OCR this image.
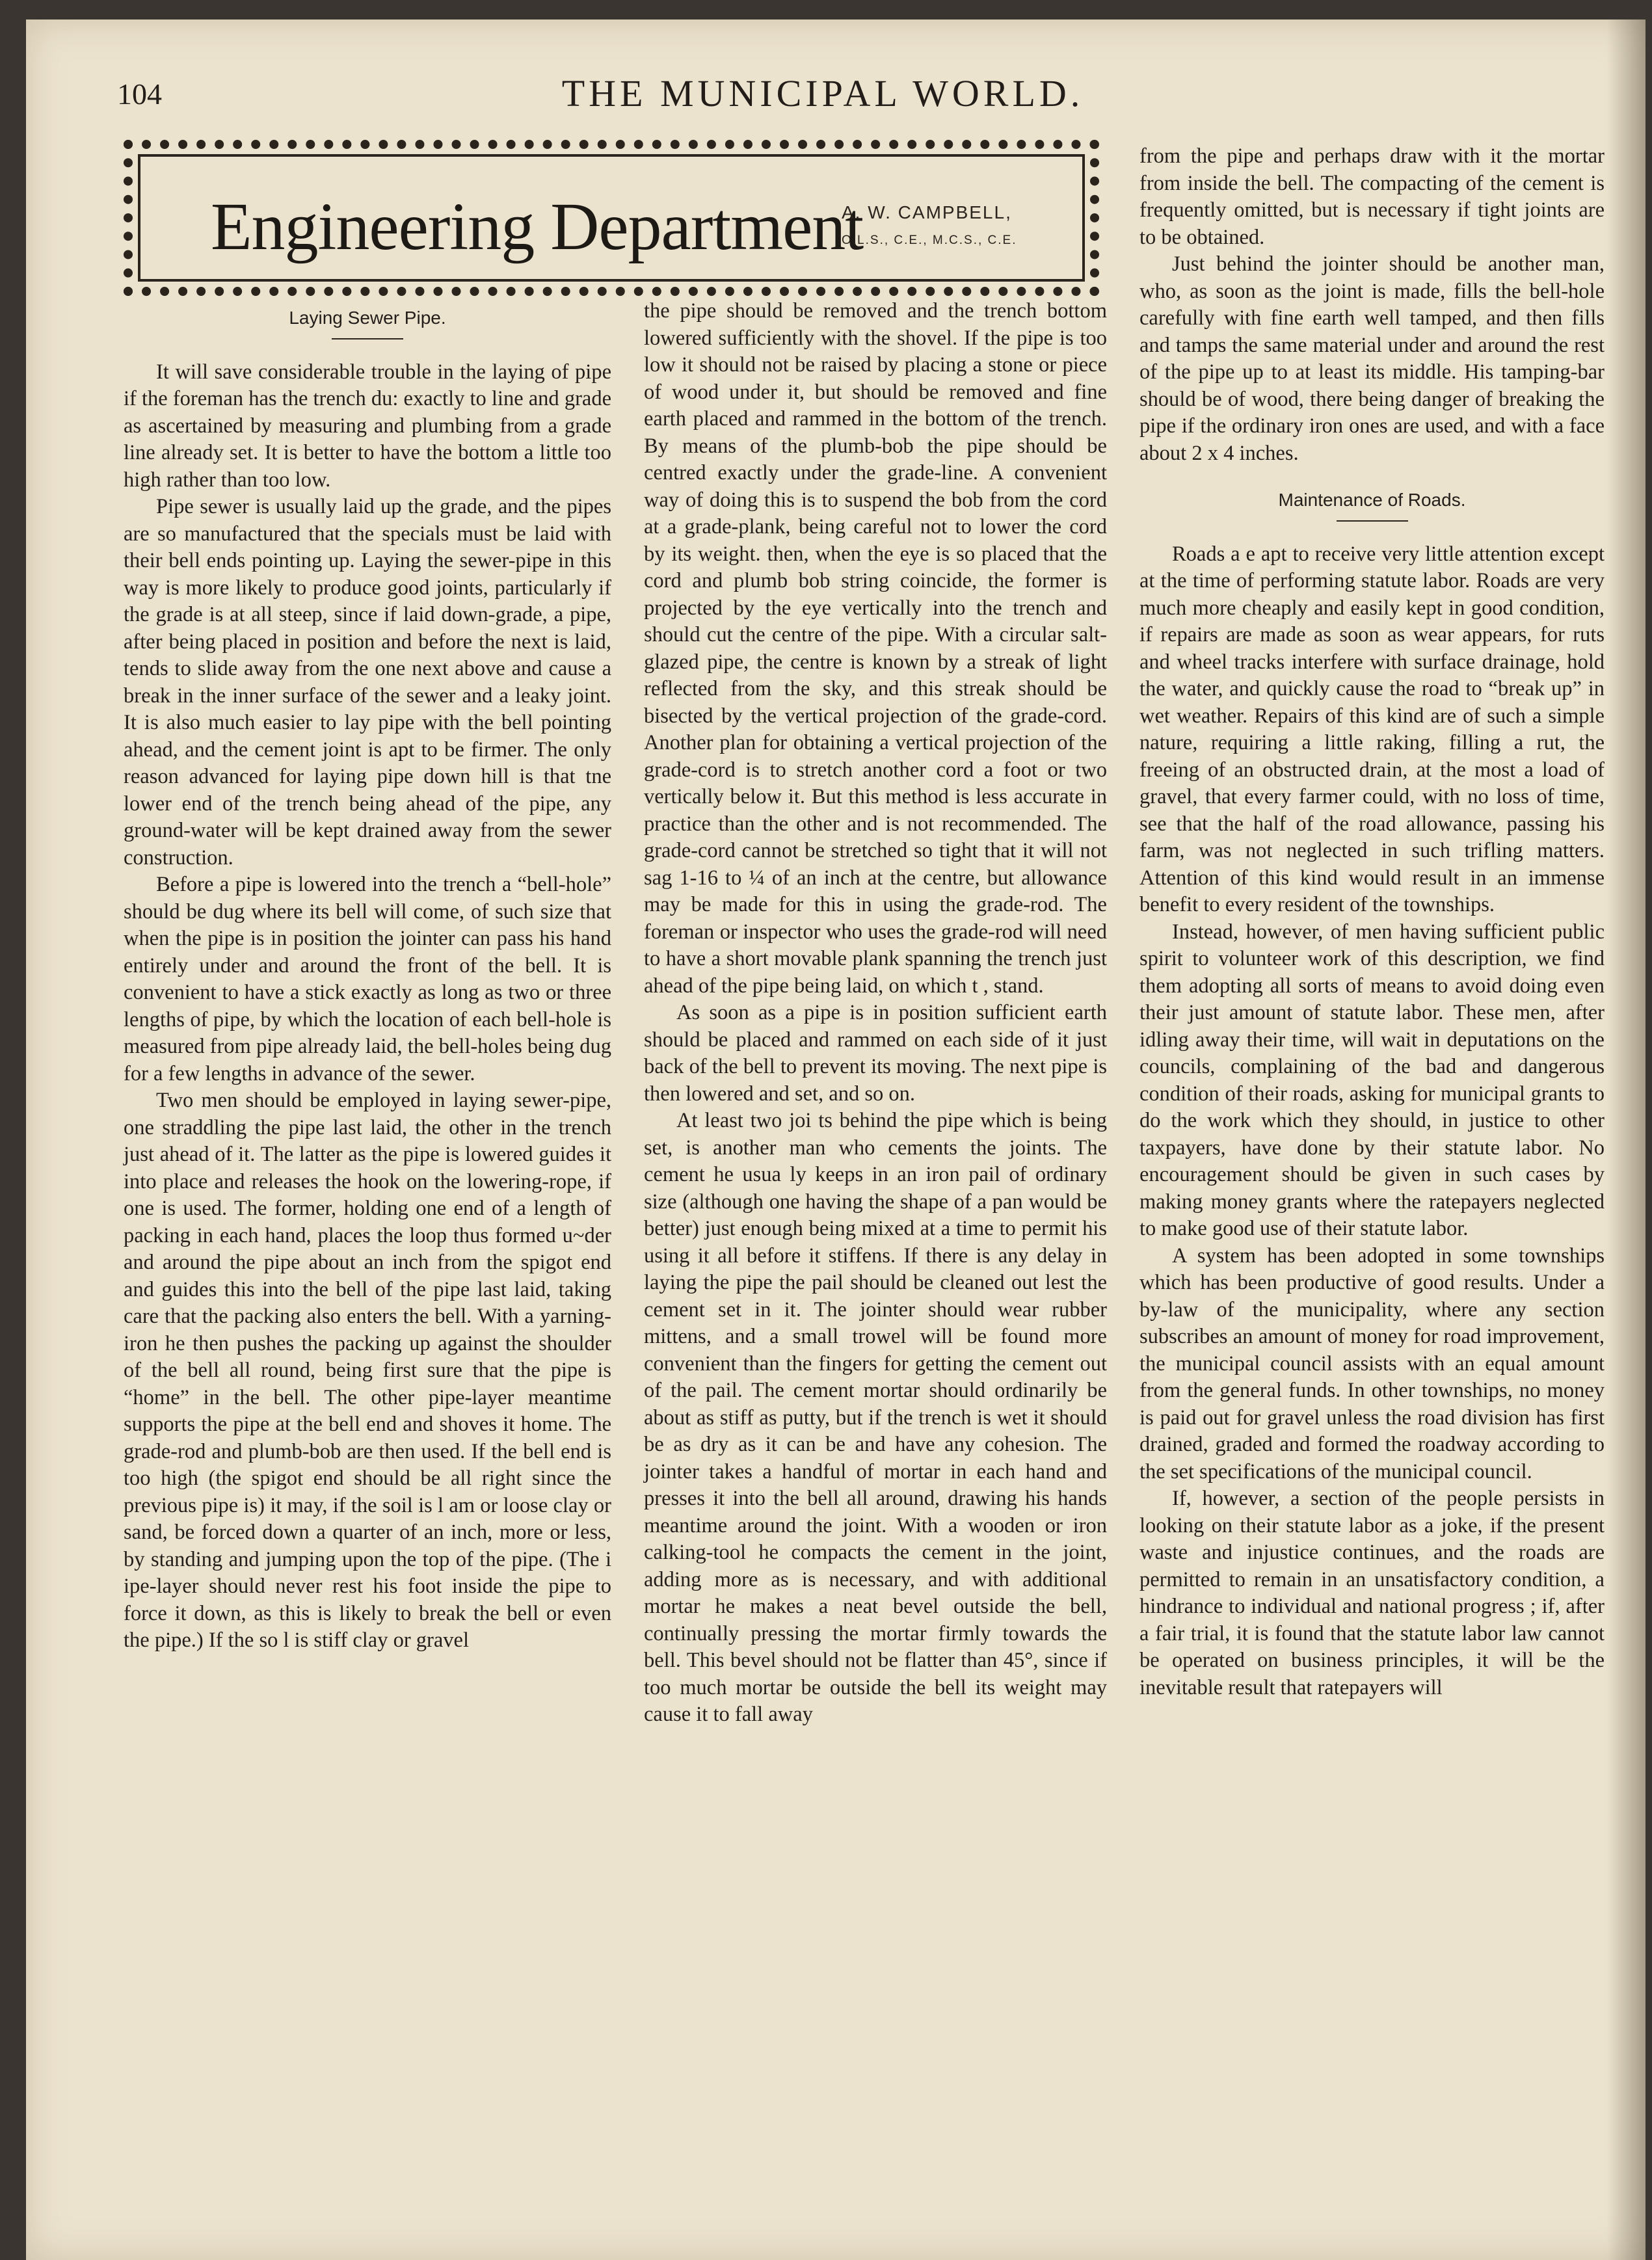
104	THE MUNICIPAL WORLD.
Engineering Department
A. W. CAMPBELL,
O.L.S., C.E., M.C.S., C.E.

Laying Sewer Pipe.

It will save considerable trouble in the laying of pipe if the foreman has the trench du: exactly to line and grade as ascertained by measuring and plumbing from a grade line already set. It is better to have the bottom a little too high rather than too low.

Pipe sewer is usually laid up the grade, and the pipes are so manufactured that the specials must be laid with their bell ends pointing up. Laying the sewer-pipe in this way is more likely to produce good joints, particularly if the grade is at all steep, since if laid down-grade, a pipe, after being placed in position and before the next is laid, tends to slide away from the one next above and cause a break in the inner surface of the sewer and a leaky joint. It is also much easier to lay pipe with the bell pointing ahead, and the cement joint is apt to be firmer. The only reason advanced for laying pipe down hill is that tne lower end of the trench being ahead of the pipe, any ground-water will be kept drained away from the sewer construction.

Before a pipe is lowered into the trench a “bell-hole” should be dug where its bell will come, of such size that when the pipe is in position the jointer can pass his hand entirely under and around the front of the bell. It is convenient to have a stick exactly as long as two or three lengths of pipe, by which the location of each bell-hole is measured from pipe already laid, the bell-holes being dug for a few lengths in advance of the sewer.

Two men should be employed in laying sewer-pipe, one straddling the pipe last laid, the other in the trench just ahead of it. The latter as the pipe is lowered guides it into place and releases the hook on the lowering-rope, if one is used. The former, holding one end of a length of packing in each hand, places the loop thus formed u~der and around the pipe about an inch from the spigot end and guides this into the bell of the pipe last laid, taking care that the packing also enters the bell. With a yarning-iron he then pushes the packing up against the shoulder of the bell all round, being first sure that the pipe is “home” in the bell. The other pipe-layer meantime supports the pipe at the bell end and shoves it home. The grade-rod and plumb-bob are then used. If the bell end is too high (the spigot end should be all right since the previous pipe is) it may, if the soil is l am or loose clay or sand, be forced down a quarter of an inch, more or less, by standing and jumping upon the top of the pipe. (The i ipe-layer should never rest his foot inside the pipe to force it down, as this is likely to break the bell or even the pipe.) If the so l is stiff clay or gravel

the pipe should be removed and the trench bottom lowered sufficiently with the shovel. If the pipe is too low it should not be raised by placing a stone or piece of wood under it, but should be removed and fine earth placed and rammed in the bottom of the trench. By means of the plumb-bob the pipe should be centred exactly under the grade-line. A convenient way of doing this is to suspend the bob from the cord at a grade-plank, being careful not to lower the cord by its weight. then, when the eye is so placed that the cord and plumb bob string coincide, the former is projected by the eye vertically into the trench and should cut the centre of the pipe. With a circular salt-glazed pipe, the centre is known by a streak of light reflected from the sky, and this streak should be bisected by the vertical projection of the grade-cord. Another plan for obtaining a vertical projection of the grade-cord is to stretch another cord a foot or two vertically below it. But this method is less accurate in practice than the other and is not recommended. The grade-cord cannot be stretched so tight that it will not sag 1-16 to ¼ of an inch at the centre, but allowance may be made for this in using the grade-rod. The foreman or inspector who uses the grade-rod will need to have a short movable plank spanning the trench just ahead of the pipe being laid, on which t , stand.

As soon as a pipe is in position sufficient earth should be placed and rammed on each side of it just back of the bell to prevent its moving. The next pipe is then lowered and set, and so on.

At least two joi ts behind the pipe which is being set, is another man who cements the joints. The cement he usua ly keeps in an iron pail of ordinary size (although one having the shape of a pan would be better) just enough being mixed at a time to permit his using it all before it stiffens. If there is any delay in laying the pipe the pail should be cleaned out lest the cement set in it. The jointer should wear rubber mittens, and a small trowel will be found more convenient than the fingers for getting the cement out of the pail. The cement mortar should ordinarily be about as stiff as putty, but if the trench is wet it should be as dry as it can be and have any cohesion. The jointer takes a handful of mortar in each hand and presses it into the bell all around, drawing his hands meantime around the joint. With a wooden or iron calking-tool he compacts the cement in the joint, adding more as is necessary, and with additional mortar he makes a neat bevel outside the bell, continually pressing the mortar firmly towards the bell. This bevel should not be flatter than 45°, since if too much mortar be outside the bell its weight may cause it to fall away

from the pipe and perhaps draw with it the mortar from inside the bell. The compacting of the cement is frequently omitted, but is necessary if tight joints are to be obtained.

Just behind the jointer should be another man, who, as soon as the joint is made, fills the bell-hole carefully with fine earth well tamped, and then fills and tamps the same material under and around the rest of the pipe up to at least its middle. His tamping-bar should be of wood, there being danger of breaking the pipe if the ordinary iron ones are used, and with a face about 2 x 4 inches.

Maintenance of Roads.

Roads a e apt to receive very little attention except at the time of performing statute labor. Roads are very much more cheaply and easily kept in good condition, if repairs are made as soon as wear appears, for ruts and wheel tracks interfere with surface drainage, hold the water, and quickly cause the road to “break up” in wet weather. Repairs of this kind are of such a simple nature, requiring a little raking, filling a rut, the freeing of an obstructed drain, at the most a load of gravel, that every farmer could, with no loss of time, see that the half of the road allowance, passing his farm, was not neglected in such trifling matters. Attention of this kind would result in an immense benefit to every resident of the townships.

Instead, however, of men having sufficient public spirit to volunteer work of this description, we find them adopting all sorts of means to avoid doing even their just amount of statute labor. These men, after idling away their time, will wait in deputations on the councils, complaining of the bad and dangerous condition of their roads, asking for municipal grants to do the work which they should, in justice to other taxpayers, have done by their statute labor. No encouragement should be given in such cases by making money grants where the ratepayers neglected to make good use of their statute labor.

A system has been adopted in some townships which has been productive of good results. Under a by-law of the municipality, where any section subscribes an amount of money for road improvement, the municipal council assists with an equal amount from the general funds. In other townships, no money is paid out for gravel unless the road division has first drained, graded and formed the roadway according to the set specifications of the municipal council.

If, however, a section of the people persists in looking on their statute labor as a joke, if the present waste and injustice continues, and the roads are permitted to remain in an unsatisfactory condition, a hindrance to individual and national progress ; if, after a fair trial, it is found that the statute labor law cannot be operated on business principles, it will be the inevitable result that ratepayers will
